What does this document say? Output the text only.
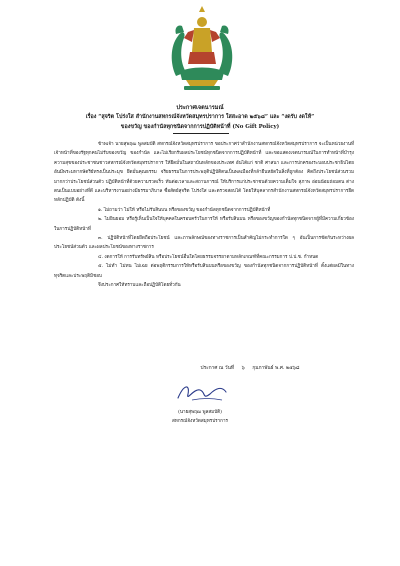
ประกาศเจตนารมณ์
เรื่อง “สุจริต โปร่งใส สำนักงานสหกรณ์จังหวัดสมุทรปราการ ใสสะอาด ๒๕๖๘” และ “งดรับ งดให้”
ของขวัญ ของกำนัลทุกชนิดจากการปฏิบัติหน้าที่ (No Gift Policy)

ข้าพเจ้า นายสุพฤฒ พูลสมบัติ สหกรณ์จังหวัดสมุทรปราการ ขอประกาศว่าสำนักงานสหกรณ์จังหวัดสมุทรปราการ จะเป็นหน่วยงานที่เจ้าหน้าที่ของรัฐทุกคนไม่รับของขวัญ ของกำนัล และไม่เรียกรับผลประโยชน์ทุกชนิดจากการปฏิบัติหน้าที่ และขอแสดงเจตนารมณ์ในการทำหน้าที่บำรุงความสุขของประชาชนชาวสหกรณ์จังหวัดสมุทรปราการ ให้ยึดมั่นในสถาบันหลักของประเทศ อันได้แก่ ชาติ ศาสนา และการปกครองระบอบประชาธิปไตยอันมีพระมหากษัตริย์ทรงเป็นประมุข ยึดมั่นคุณธรรม จริยธรรมในการประพฤติปฏิบัติตนเป็นพลเมืองที่กล้ายืนหยัดในสิ่งที่ถูกต้อง คิดถึงประโยชน์ส่วนรวมมากกว่าประโยชน์ส่วนตัว ปฏิบัติหน้าที่ด้วยความรวดเร็ว ทันต่อเวลาและสถานการณ์ ให้บริการแก่ประชาชนด้วยความเต็มใจ สุภาพ อ่อนน้อมถ่อมตน ต่างตนเป็นแบบอย่างที่ดี และบริหารงานอย่างมีธรรมาภิบาล ซื่อสัตย์สุจริต โปร่งใส และตรวจสอบได้ โดยให้บุคลากรสำนักงานสหกรณ์จังหวัดสมุทรปราการยึดหลักปฏิบัติ ดังนี้

๑. ไม่ถามว่า ไม่ให้ หรือไม่รับสินบน หรือของขวัญ ของกำนัลทุกชนิดจากการปฏิบัติหน้าที่

๒. ไม่ยินยอม หรือรู้เห็นเป็นใจให้บุคคลในครอบครัวในการให้ หรือรับสินบน หรือของขวัญของกำนัลทุกชนิดจากผู้ที่มีความเกี่ยวข้องในการปฏิบัติหน้าที่

๓. ปฏิบัติหน้าที่โดยยึดถือประโยชน์ และภาพลักษณ์ของทางราชการเป็นสำคัญไม่กระทำการใด ๆ อันเป็นการขัดกันระหว่างผลประโยชน์ส่วนตัว และผลประโยชน์ของทางราชการ

๔. งดการให้ การรับทรัพย์สิน หรือประโยชน์อื่นใดโดยธรรมจรรยาตามหลักเกณฑ์ที่คณะกรรมการ ป.ป.ช. กำหนด

๕. ไม่ทำ ไม่ทน ไม่เฉย ต่อพฤติกรรมการให้หรือรับสินบนหรือของขวัญ ของกำนัลทุกชนิดจากการปฏิบัติหน้าที่ ตั้งแต่ผลมีในทางทุจริตและประพฤติมิชอบ

จึงประกาศให้ทราบและถือปฏิบัติโดยทั่วกัน

ประกาศ ณ วันที่ ๖ กุมภาพันธ์ พ.ศ. ๒๕๖๘
(นายสุพฤฒ พูลสมบัติ)
สหกรณ์จังหวัดสมุทรปราการ
